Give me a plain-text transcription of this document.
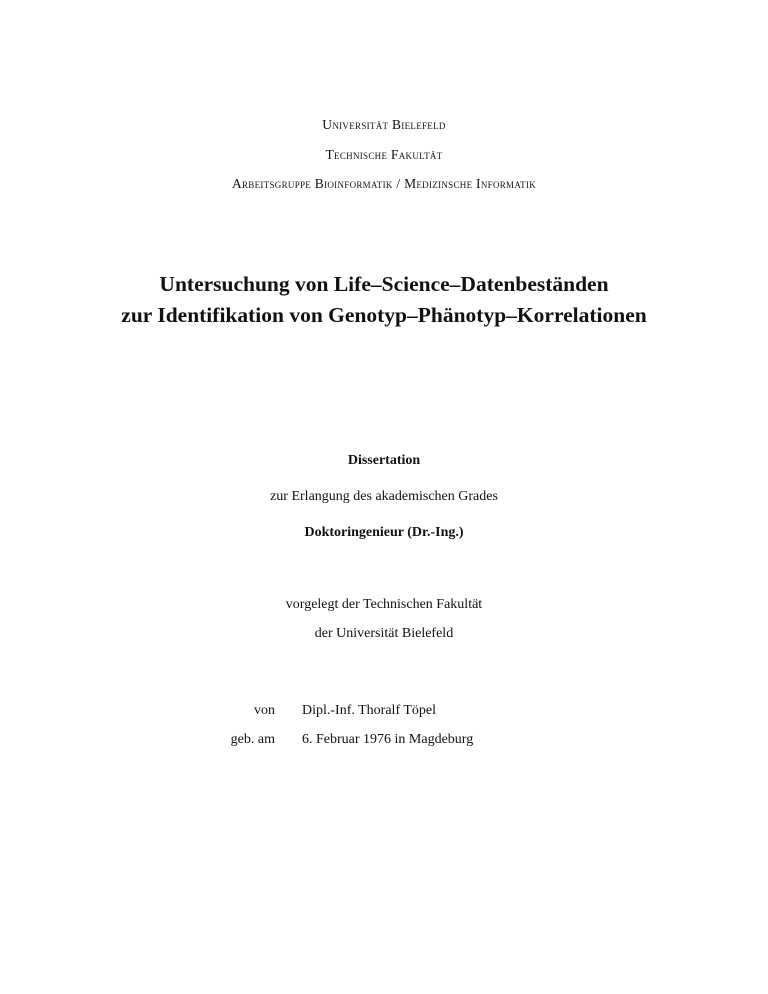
Universität Bielefeld
Technische Fakultät
Arbeitsgruppe Bioinformatik / Medizinsche Informatik
Untersuchung von Life–Science–Datenbeständen
zur Identifikation von Genotyp–Phänotyp–Korrelationen
Dissertation
zur Erlangung des akademischen Grades
Doktoringenieur (Dr.-Ing.)
vorgelegt der Technischen Fakultät
der Universität Bielefeld
von Dipl.-Inf. Thoralf Töpel
geb. am 6. Februar 1976 in Magdeburg
